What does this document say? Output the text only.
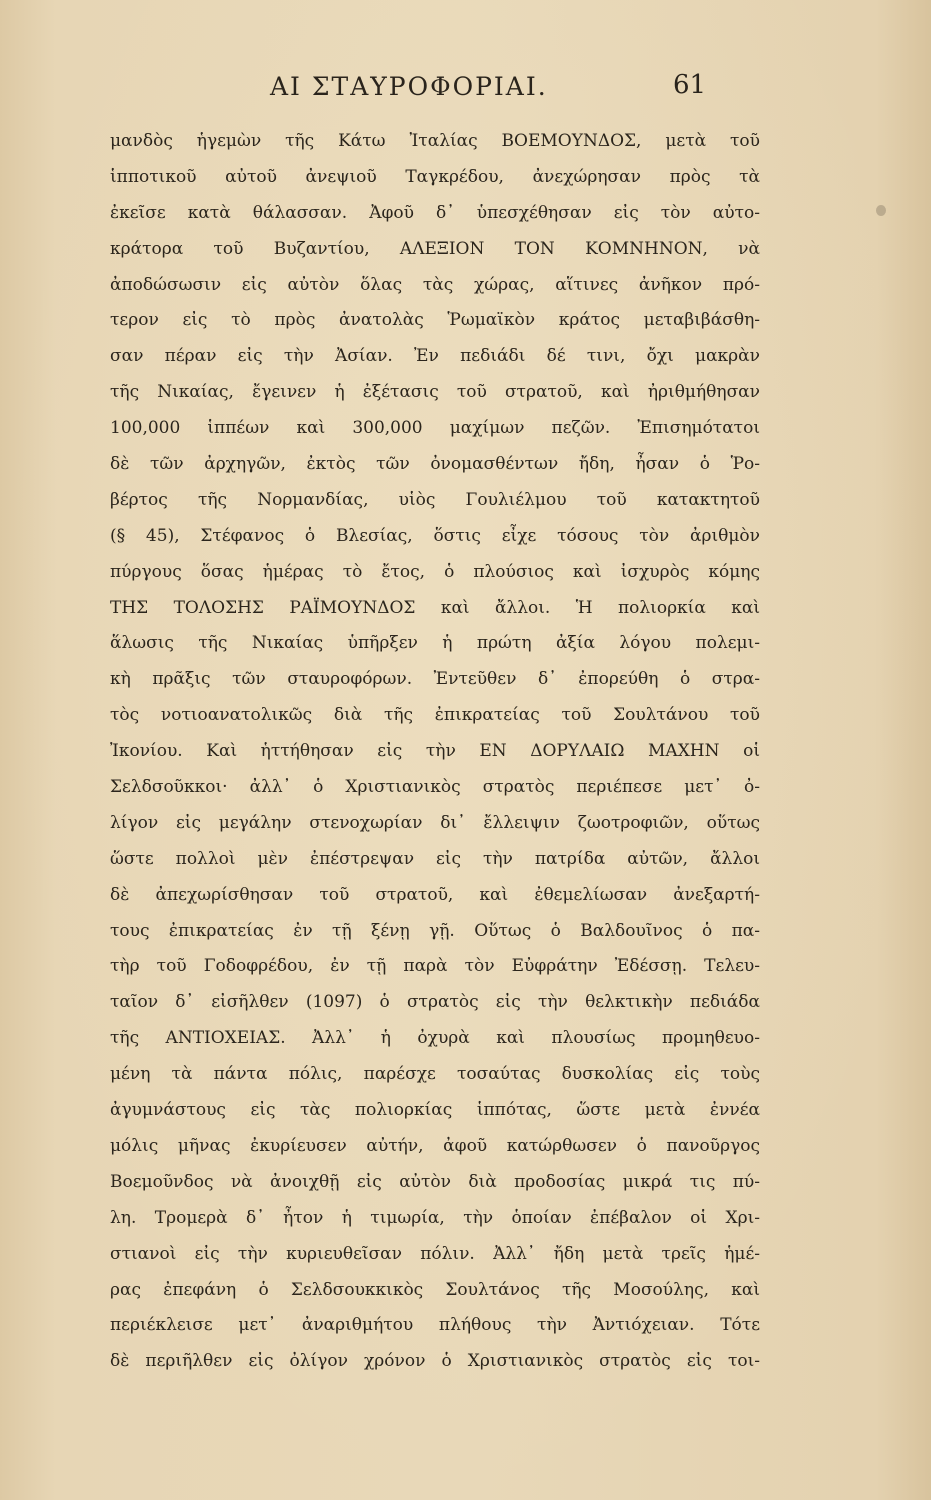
ΑΙ ΣΤΑΥΡΟΦΟΡΙΑΙ.	61
μανδὸς ἡγεμὼν τῆς Κάτω Ἰταλίας ΒΟΕΜΟΥΝΔΟΣ, μετὰ τοῦ
ἱπποτικοῦ αὐτοῦ ἀνεψιοῦ Ταγκρέδου, ἀνεχώρησαν πρὸς τὰ
ἐκεῖσε κατὰ θάλασσαν. Ἀφοῦ δ᾽ ὑπεσχέθησαν εἰς τὸν αὐτο-
κράτορα τοῦ Βυζαντίου, ΑΛΕΞΙΟΝ ΤΟΝ ΚΟΜΝΗΝΟΝ, νὰ
ἀποδώσωσιν εἰς αὐτὸν ὅλας τὰς χώρας, αἵτινες ἀνῆκον πρό-
τερον εἰς τὸ πρὸς ἀνατολὰς Ῥωμαϊκὸν κράτος μεταβιβάσθη-
σαν πέραν εἰς τὴν Ἀσίαν. Ἐν πεδιάδι δέ τινι, ὄχι μακρὰν
τῆς Νικαίας, ἔγεινεν ἡ ἐξέτασις τοῦ στρατοῦ, καὶ ἠριθμήθησαν
100,000 ἱππέων καὶ 300,000 μαχίμων πεζῶν. Ἐπισημότατοι
δὲ τῶν ἀρχηγῶν, ἐκτὸς τῶν ὀνομασθέντων ἤδη, ἦσαν ὁ Ῥο-
βέρτος τῆς Νορμανδίας, υἱὸς Γουλιέλμου τοῦ κατακτητοῦ
(§ 45), Στέφανος ὁ Βλεσίας, ὅστις εἶχε τόσους τὸν ἀριθμὸν
πύργους ὅσας ἡμέρας τὸ ἔτος, ὁ πλούσιος καὶ ἰσχυρὸς κόμης
ΤΗΣ ΤΟΛΟΣΗΣ ΡΑΪΜΟΥΝΔΟΣ καὶ ἄλλοι. Ἡ πολιορκία καὶ
ἅλωσις τῆς Νικαίας ὑπῆρξεν ἡ πρώτη ἀξία λόγου πολεμι-
κὴ πρᾶξις τῶν σταυροφόρων. Ἐντεῦθεν δ᾽ ἐπορεύθη ὁ στρα-
τὸς νοτιοανατολικῶς διὰ τῆς ἐπικρατείας τοῦ Σουλτάνου τοῦ
Ἰκονίου. Καὶ ἡττήθησαν εἰς τὴν ΕΝ ΔΟΡΥΛΑΙΩ ΜΑΧΗΝ οἱ
Σελδσοῦκκοι· ἀλλ᾽ ὁ Χριστιανικὸς στρατὸς περιέπεσε μετ᾽ ὀ-
λίγον εἰς μεγάλην στενοχωρίαν δι᾽ ἔλλειψιν ζωοτροφιῶν, οὕτως
ὥστε πολλοὶ μὲν ἐπέστρεψαν εἰς τὴν πατρίδα αὐτῶν, ἄλλοι
δὲ ἀπεχωρίσθησαν τοῦ στρατοῦ, καὶ ἐθεμελίωσαν ἀνεξαρτή-
τους ἐπικρατείας ἐν τῇ ξένῃ γῇ. Οὕτως ὁ Βαλδουῖνος ὁ πα-
τὴρ τοῦ Γοδοφρέδου, ἐν τῇ παρὰ τὸν Εὐφράτην Ἐδέσσῃ. Τελευ-
ταῖον δ᾽ εἰσῆλθεν (1097) ὁ στρατὸς εἰς τὴν θελκτικὴν πεδιάδα
τῆς ΑΝΤΙΟΧΕΙΑΣ. Ἀλλ᾽ ἡ ὀχυρὰ καὶ πλουσίως προμηθευο-
μένη τὰ πάντα πόλις, παρέσχε τοσαύτας δυσκολίας εἰς τοὺς
ἀγυμνάστους εἰς τὰς πολιορκίας ἱππότας, ὥστε μετὰ ἐννέα
μόλις μῆνας ἐκυρίευσεν αὐτήν, ἀφοῦ κατώρθωσεν ὁ πανοῦργος
Βοεμοῦνδος νὰ ἀνοιχθῇ εἰς αὐτὸν διὰ προδοσίας μικρά τις πύ-
λη. Τρομερὰ δ᾽ ἦτον ἡ τιμωρία, τὴν ὁποίαν ἐπέβαλον οἱ Χρι-
στιανοὶ εἰς τὴν κυριευθεῖσαν πόλιν. Ἀλλ᾽ ἤδη μετὰ τρεῖς ἡμέ-
ρας ἐπεφάνη ὁ Σελδσουκκικὸς Σουλτάνος τῆς Μοσούλης, καὶ
περιέκλεισε μετ᾽ ἀναριθμήτου πλήθους τὴν Ἀντιόχειαν. Τότε
δὲ περιῆλθεν εἰς ὀλίγον χρόνον ὁ Χριστιανικὸς στρατὸς εἰς τοι-
